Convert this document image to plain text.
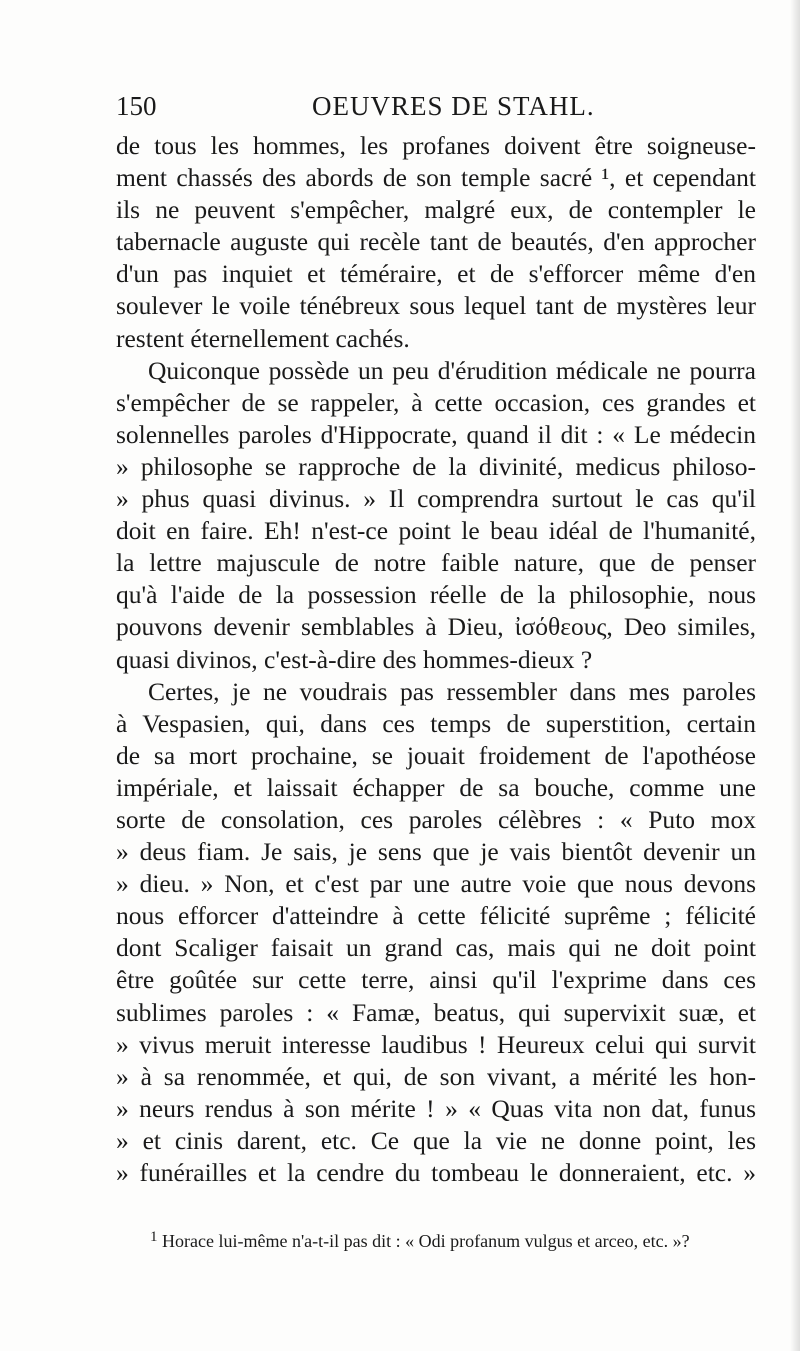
150	OEUVRES DE STAHL.
de tous les hommes, les profanes doivent être soigneuse-
ment chassés des abords de son temple sacré ¹, et cependant
ils ne peuvent s'empêcher, malgré eux, de contempler le
tabernacle auguste qui recèle tant de beautés, d'en approcher
d'un pas inquiet et téméraire, et de s'efforcer même d'en
soulever le voile ténébreux sous lequel tant de mystères leur
restent éternellement cachés.
Quiconque possède un peu d'érudition médicale ne pourra
s'empêcher de se rappeler, à cette occasion, ces grandes et
solennelles paroles d'Hippocrate, quand il dit : « Le médecin
» philosophe se rapproche de la divinité, medicus philoso-
» phus quasi divinus. » Il comprendra surtout le cas qu'il
doit en faire. Eh! n'est-ce point le beau idéal de l'humanité,
la lettre majuscule de notre faible nature, que de penser
qu'à l'aide de la possession réelle de la philosophie, nous
pouvons devenir semblables à Dieu, ἰσόθεους, Deo similes,
quasi divinos, c'est-à-dire des hommes-dieux ?
Certes, je ne voudrais pas ressembler dans mes paroles
à Vespasien, qui, dans ces temps de superstition, certain
de sa mort prochaine, se jouait froidement de l'apothéose
impériale, et laissait échapper de sa bouche, comme une
sorte de consolation, ces paroles célèbres : « Puto mox
» deus fiam. Je sais, je sens que je vais bientôt devenir un
» dieu. » Non, et c'est par une autre voie que nous devons
nous efforcer d'atteindre à cette félicité suprême ; félicité
dont Scaliger faisait un grand cas, mais qui ne doit point
être goûtée sur cette terre, ainsi qu'il l'exprime dans ces
sublimes paroles : « Famæ, beatus, qui supervixit suæ, et
» vivus meruit interesse laudibus ! Heureux celui qui survit
» à sa renommée, et qui, de son vivant, a mérité les hon-
» neurs rendus à son mérite ! » « Quas vita non dat, funus
» et cinis darent, etc. Ce que la vie ne donne point, les
» funérailles et la cendre du tombeau le donneraient, etc. »
$^1$ Horace lui-même n'a-t-il pas dit : « Odi profanum vulgus et arceo, etc. »?
